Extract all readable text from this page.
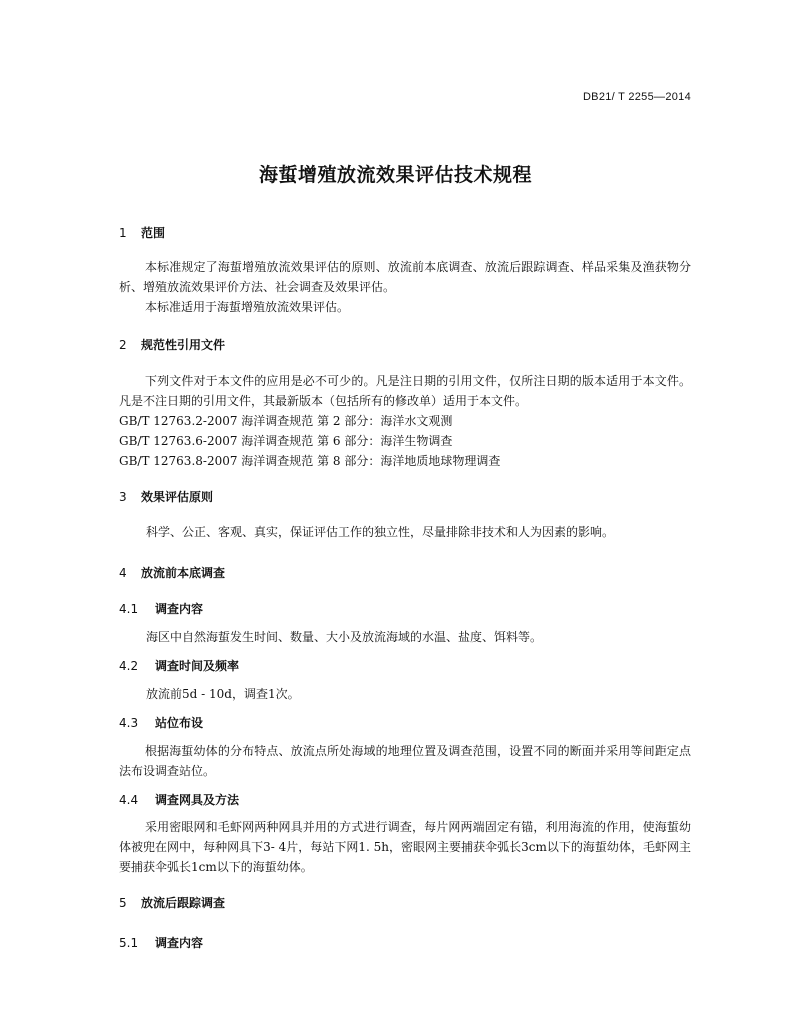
DB21/ T 2255—2014
海蜇增殖放流效果评估技术规程
1 范围

本标准规定了海蜇增殖放流效果评估的原则、放流前本底调查、放流后跟踪调查、样品采集及渔获物分析、增殖放流效果评价方法、社会调查及效果评估。

本标准适用于海蜇增殖放流效果评估。

2 规范性引用文件

下列文件对于本文件的应用是必不可少的。凡是注日期的引用文件，仅所注日期的版本适用于本文件。凡是不注日期的引用文件，其最新版本（包括所有的修改单）适用于本文件。

GB/T 12763.2-2007 海洋调查规范 第 2 部分：海洋水文观测
GB/T 12763.6-2007 海洋调查规范 第 6 部分：海洋生物调查
GB/T 12763.8-2007 海洋调查规范 第 8 部分：海洋地质地球物理调查
3 效果评估原则
科学、公正、客观、真实，保证评估工作的独立性，尽量排除非技术和人为因素的影响。
4 放流前本底调查
4.1 调查内容
海区中自然海蜇发生时间、数量、大小及放流海域的水温、盐度、饵料等。
4.2 调查时间及频率
放流前5d - 10d，调查1次。
4.3 站位布设

根据海蜇幼体的分布特点、放流点所处海域的地理位置及调查范围，设置不同的断面并采用等间距定点法布设调查站位。

4.4 调查网具及方法

采用密眼网和毛虾网两种网具并用的方式进行调查，每片网两端固定有锚，利用海流的作用，使海蜇幼体被兜在网中，每种网具下3- 4片，每站下网1. 5h，密眼网主要捕获伞弧长3cm以下的海蜇幼体，毛虾网主要捕获伞弧长1cm以下的海蜇幼体。

5 放流后跟踪调查
5.1 调查内容
